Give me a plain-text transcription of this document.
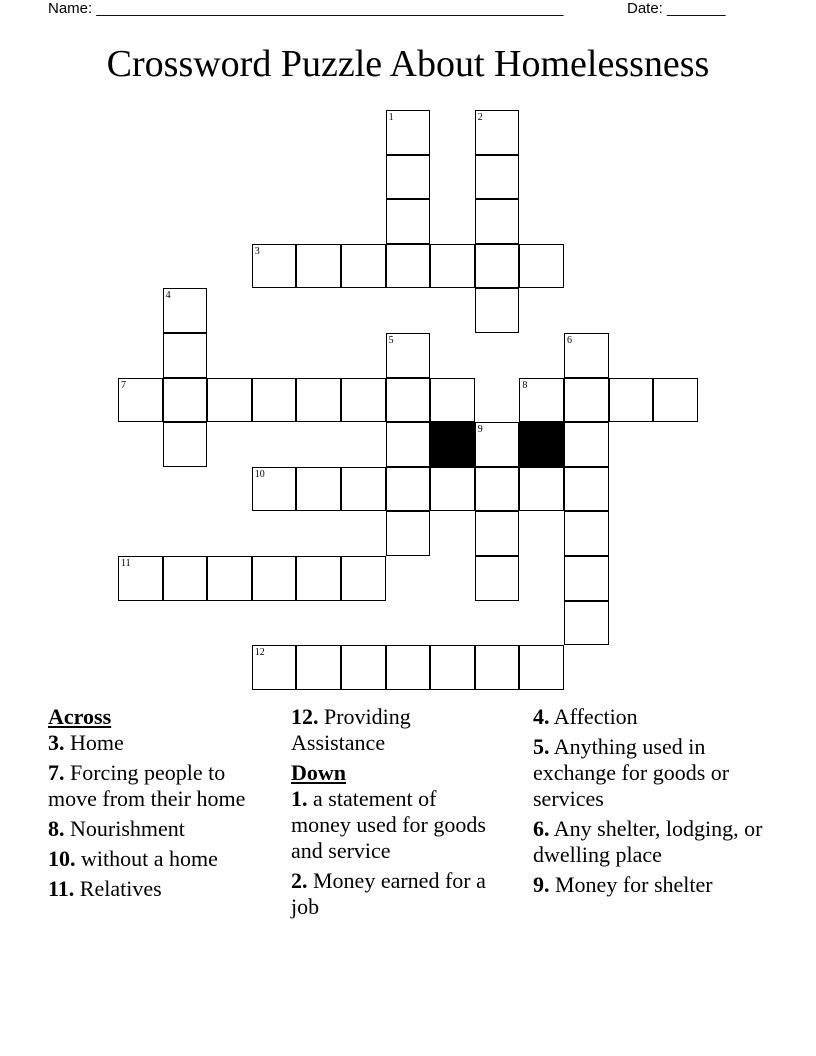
Name: ________________________________________________________	Date: _______
Crossword Puzzle About Homelessness
1	2
3
4
5	6
7	8
9
10
11
12
Across
3. Home
7. Forcing people to move from their home
8. Nourishment
10. without a home
11. Relatives
12. Providing Assistance
Down
1. a statement of money used for goods and service
2. Money earned for a job
4. Affection
5. Anything used in exchange for goods or services
6. Any shelter, lodging, or dwelling place
9. Money for shelter
